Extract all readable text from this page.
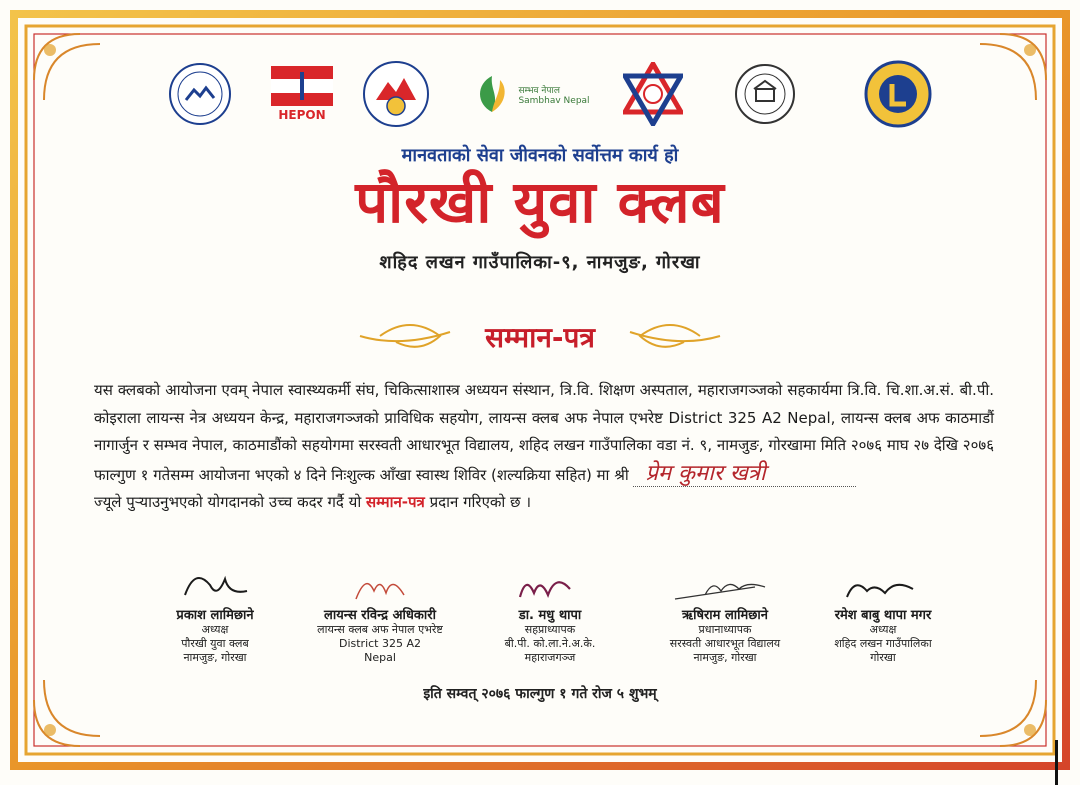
HEPON
सम्भव नेपाल
Sambhav Nepal
मानवताको सेवा जीवनको सर्वोत्तम कार्य हो
पौरखी युवा क्लब
शहिद लखन गाउँपालिका-९, नामजुङ, गोरखा
सम्मान-पत्र
यस क्लबको आयोजना एवम् नेपाल स्वास्थ्यकर्मी संघ, चिकित्साशास्त्र अध्ययन संस्थान, त्रि.वि. शिक्षण अस्पताल, महाराजगञ्जको सहकार्यमा त्रि.वि. चि.शा.अ.सं. बी.पी. कोइराला लायन्स नेत्र अध्ययन केन्द्र, महाराजगञ्जको प्राविधिक सहयोग, लायन्स क्लब अफ नेपाल एभरेष्ट District 325 A2 Nepal, लायन्स क्लब अफ काठमाडौं नागार्जुन र सम्भव नेपाल, काठमाडौंको सहयोगमा सरस्वती आधारभूत विद्यालय, शहिद लखन गाउँपालिका वडा नं. ९, नामजुङ, गोरखामा मिति २०७६ माघ २७ देखि २०७६ फाल्गुण १ गतेसम्म आयोजना भएको ४ दिने निःशुल्क आँखा स्वास्थ शिविर (शल्यक्रिया सहित) मा श्री प्रेम कुमार खत्री
ज्यूले पुऱ्याउनुभएको योगदानको उच्च कदर गर्दै यो सम्मान-पत्र प्रदान गरिएको छ ।
प्रकाश लामिछाने
अध्यक्ष
पौरखी युवा क्लब
नामजुङ, गोरखा
लायन्स रविन्द्र अधिकारी
लायन्स क्लब अफ नेपाल एभरेष्ट
District 325 A2
Nepal
डा. मधु थापा
सहप्राध्यापक
बी.पी. को.ला.ने.अ.के.
महाराजगञ्ज
ऋषिराम लामिछाने
प्रधानाध्यापक
सरस्वती आधारभूत विद्यालय
नामजुङ, गोरखा
रमेश बाबु थापा मगर
अध्यक्ष
शहिद लखन गाउँपालिका
गोरखा
इति सम्वत् २०७६ फाल्गुण १ गते रोज ५ शुभम्
